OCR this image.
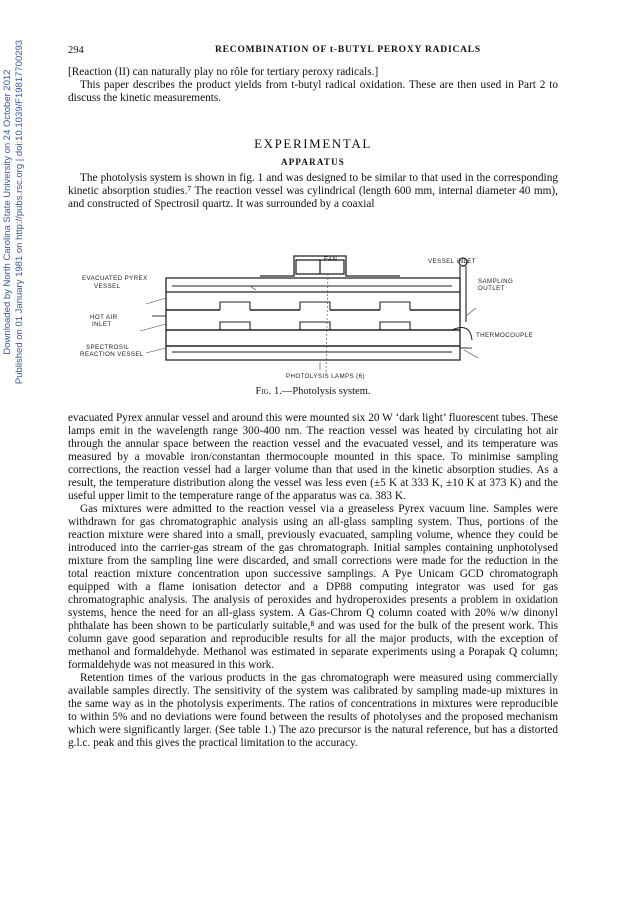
Downloaded by North Carolina State University on 24 October 2012 Published on 01 January 1981 on http://pubs.rsc.org | doi:10.1039/F19817700293	294	RECOMBINATION OF t-BUTYL PEROXY RADICALS

[Reaction (II) can naturally play no rôle for tertiary peroxy radicals.]

This paper describes the product yields from t-butyl radical oxidation. These are then used in Part 2 to discuss the kinetic measurements.

EXPERIMENTAL
APPARATUS

The photolysis system is shown in fig. 1 and was designed to be similar to that used in the corresponding kinetic absorption studies.⁷ The reaction vessel was cylindrical (length 600 mm, internal diameter 40 mm), and constructed of Spectrosil quartz. It was surrounded by a coaxial

FAN	VESSEL INLET
EVACUATED PYREX
VESSEL
SAMPLING
OUTLET
HOT AIR
INLET
THERMOCOUPLE
SPECTROSIL
REACTION VESSEL
PHOTOLYSIS LAMPS (6)
Fig. 1.—Photolysis system.

evacuated Pyrex annular vessel and around this were mounted six 20 W ‘dark light’ fluorescent tubes. These lamps emit in the wavelength range 300-400 nm. The reaction vessel was heated by circulating hot air through the annular space between the reaction vessel and the evacuated vessel, and its temperature was measured by a movable iron/constantan thermocouple mounted in this space. To minimise sampling corrections, the reaction vessel had a larger volume than that used in the kinetic absorption studies. As a result, the temperature distribution along the vessel was less even (±5 K at 333 K, ±10 K at 373 K) and the useful upper limit to the temperature range of the apparatus was ca. 383 K.

Gas mixtures were admitted to the reaction vessel via a greaseless Pyrex vacuum line. Samples were withdrawn for gas chromatographic analysis using an all-glass sampling system. Thus, portions of the reaction mixture were shared into a small, previously evacuated, sampling volume, whence they could be introduced into the carrier-gas stream of the gas chromatograph. Initial samples containing unphotolysed mixture from the sampling line were discarded, and small corrections were made for the reduction in the total reaction mixture concentration upon successive samplings. A Pye Unicam GCD chromatograph equipped with a flame ionisation detector and a DP88 computing integrator was used for gas chromatographic analysis. The analysis of peroxides and hydroperoxides presents a problem in oxidation systems, hence the need for an all-glass system. A Gas-Chrom Q column coated with 20% w/w dinonyl phthalate has been shown to be particularly suitable,⁸ and was used for the bulk of the present work. This column gave good separation and reproducible results for all the major products, with the exception of methanol and formaldehyde. Methanol was estimated in separate experiments using a Porapak Q column; formaldehyde was not measured in this work.

Retention times of the various products in the gas chromatograph were measured using commercially available samples directly. The sensitivity of the system was calibrated by sampling made-up mixtures in the same way as in the photolysis experiments. The ratios of concentrations in mixtures were reproducible to within 5% and no deviations were found between the results of photolyses and the proposed mechanism which were significantly larger. (See table 1.) The azo precursor is the natural reference, but has a distorted g.l.c. peak and this gives the practical limitation to the accuracy.
